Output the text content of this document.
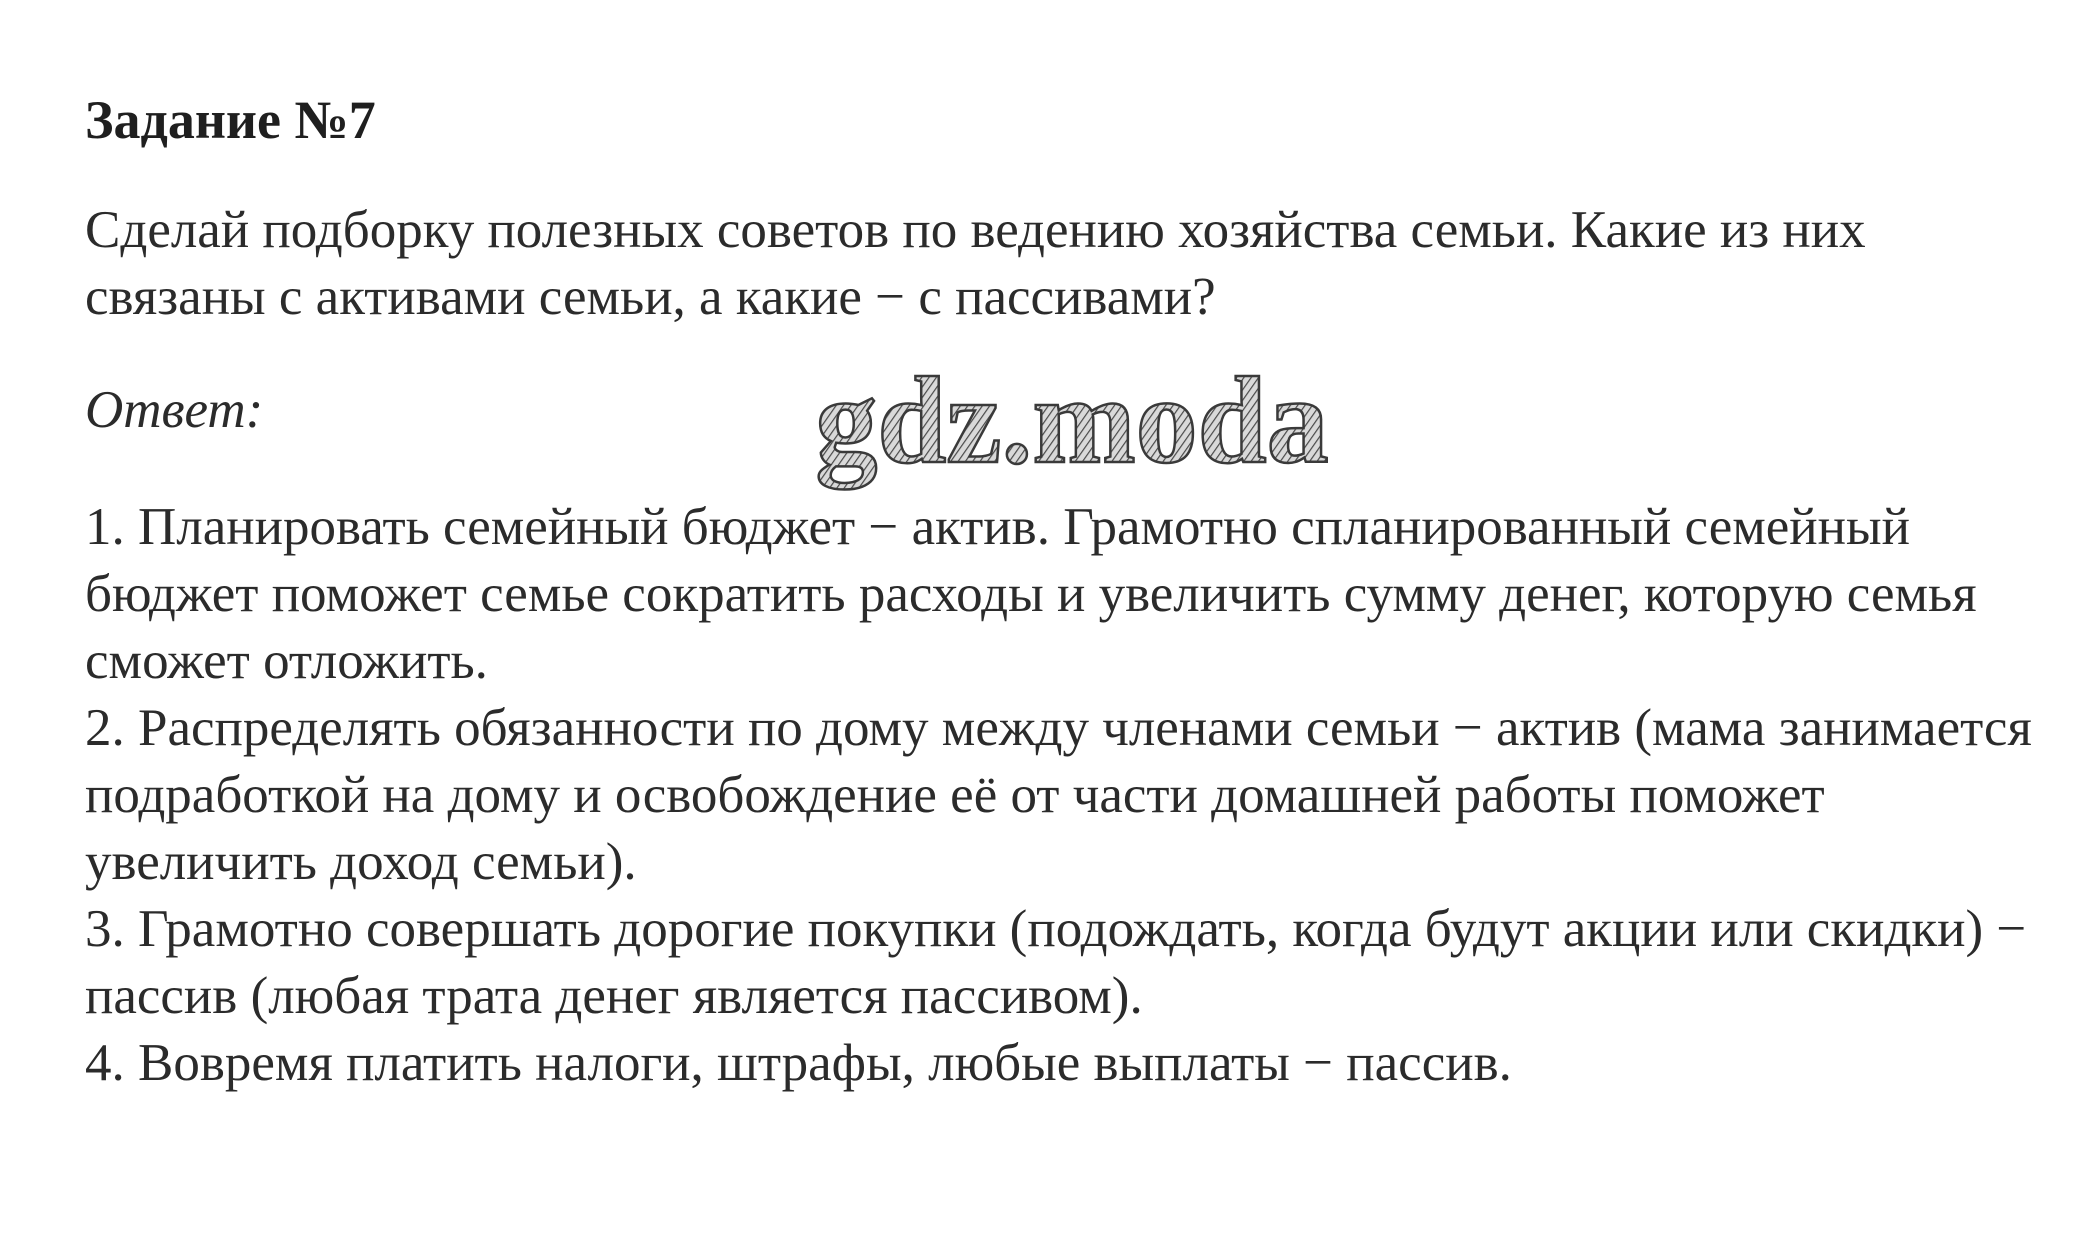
Задание №7

Сделай подборку полезных советов по ведению хозяйства семьи. Какие из них связаны с активами семьи, а какие − с пассивами?

Ответ:	gdz.moda
1. Планировать семейный бюджет − актив. Грамотно спланированный семейный бюджет поможет семье сократить расходы и увеличить сумму денег, которую семья сможет отложить.
2. Распределять обязанности по дому между членами семьи − актив (мама занимается подработкой на дому и освобождение её от части домашней работы поможет увеличить доход семьи).
3. Грамотно совершать дорогие покупки (подождать, когда будут акции или скидки) − пассив (любая трата денег является пассивом).
4. Вовремя платить налоги, штрафы, любые выплаты − пассив.
